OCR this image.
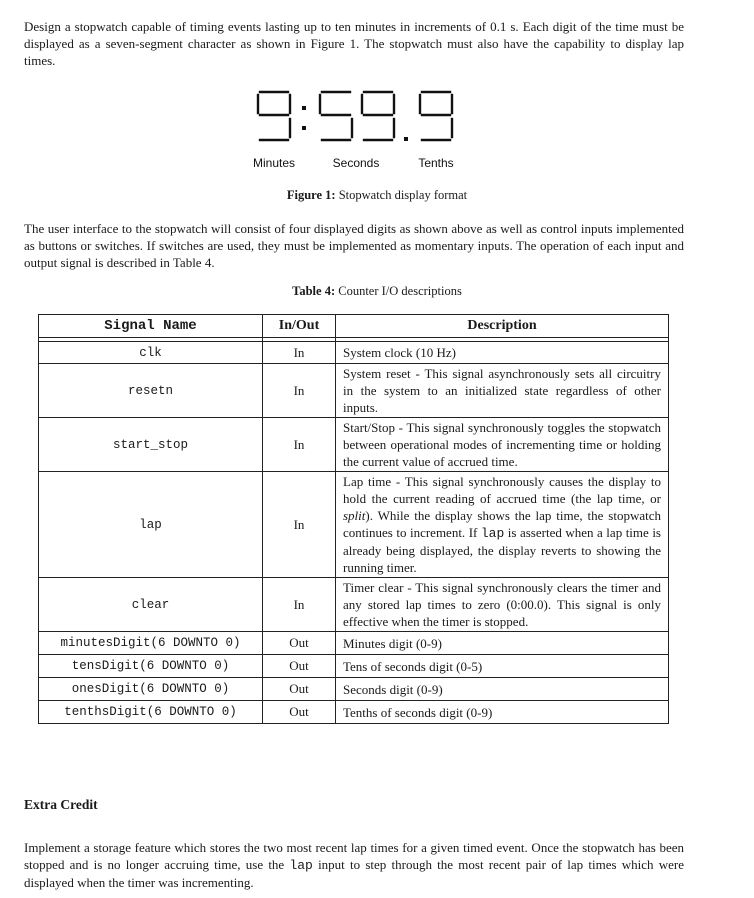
Design a stopwatch capable of timing events lasting up to ten minutes in increments of 0.1 s. Each digit of the time must be displayed as a seven-segment character as shown in Figure 1. The stopwatch must also have the capability to display lap times.

Minutes	Seconds	Tenths
Figure 1: Stopwatch display format

The user interface to the stopwatch will consist of four displayed digits as shown above as well as control inputs implemented as buttons or switches. If switches are used, they must be implemented as momentary inputs. The operation of each input and output signal is described in Table 4.

Table 4: Counter I/O descriptions
Signal Name	In/Out	Description

clk	In	System clock (10 Hz)
resetn	In	System reset - This signal asynchronously sets all circuitry in the system to an initialized state regardless of other inputs.
start_stop	In	Start/Stop - This signal synchronously toggles the stopwatch between operational modes of incrementing time or holding the current value of accrued time.
lap	In	Lap time - This signal synchronously causes the display to hold the current reading of accrued time (the lap time, or split). While the display shows the lap time, the stopwatch continues to increment. If lap is asserted when a lap time is already being displayed, the display reverts to showing the running timer.
clear	In	Timer clear - This signal synchronously clears the timer and any stored lap times to zero (0:00.0). This signal is only effective when the timer is stopped.
minutesDigit(6 DOWNTO 0)	Out	Minutes digit (0-9)
tensDigit(6 DOWNTO 0)	Out	Tens of seconds digit (0-5)
onesDigit(6 DOWNTO 0)	Out	Seconds digit (0-9)
tenthsDigit(6 DOWNTO 0)	Out	Tenths of seconds digit (0-9)
Extra Credit

Implement a storage feature which stores the two most recent lap times for a given timed event. Once the stopwatch has been stopped and is no longer accruing time, use the lap input to step through the most recent pair of lap times which were displayed when the timer was incrementing.
